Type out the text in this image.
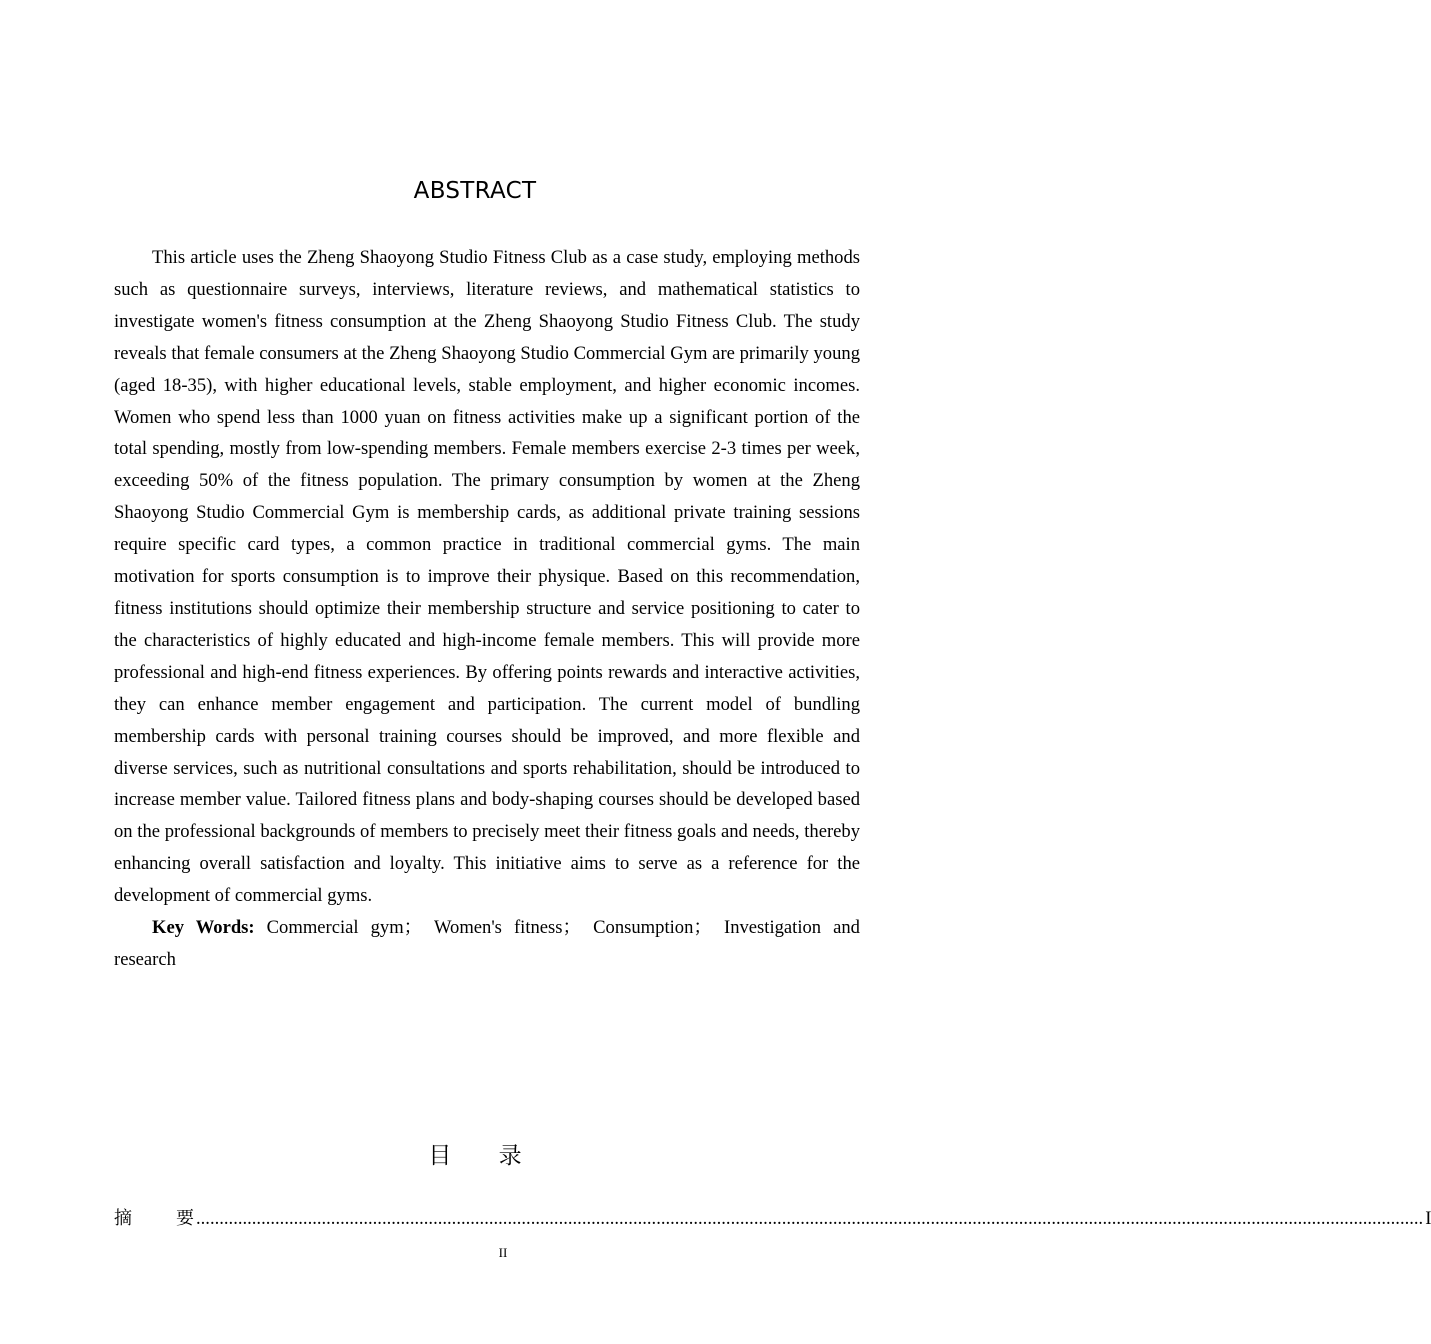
ABSTRACT

This article uses the Zheng Shaoyong Studio Fitness Club as a case study, employing methods such as questionnaire surveys, interviews, literature reviews, and mathematical statistics to investigate women's fitness consumption at the Zheng Shaoyong Studio Fitness Club. The study reveals that female consumers at the Zheng Shaoyong Studio Commercial Gym are primarily young (aged 18-35), with higher educational levels, stable employment, and higher economic incomes. Women who spend less than 1000 yuan on fitness activities make up a significant portion of the total spending, mostly from low-spending members. Female members exercise 2-3 times per week, exceeding 50% of the fitness population. The primary consumption by women at the Zheng Shaoyong Studio Commercial Gym is membership cards, as additional private training sessions require specific card types, a common practice in traditional commercial gyms. The main motivation for sports consumption is to improve their physique. Based on this recommendation, fitness institutions should optimize their membership structure and service positioning to cater to the characteristics of highly educated and high-income female members. This will provide more professional and high-end fitness experiences. By offering points rewards and interactive activities, they can enhance member engagement and participation. The current model of bundling membership cards with personal training courses should be improved, and more flexible and diverse services, such as nutritional consultations and sports rehabilitation, should be introduced to increase member value. Tailored fitness plans and body-shaping courses should be developed based on the professional backgrounds of members to precisely meet their fitness goals and needs, thereby enhancing overall satisfaction and loyalty. This initiative aims to serve as a reference for the development of commercial gyms.

Key Words: Commercial gym； Women's fitness； Consumption； Investigation and research

目 录
摘 要 ........................................................................................................................................................................................................................................................................ I
II
